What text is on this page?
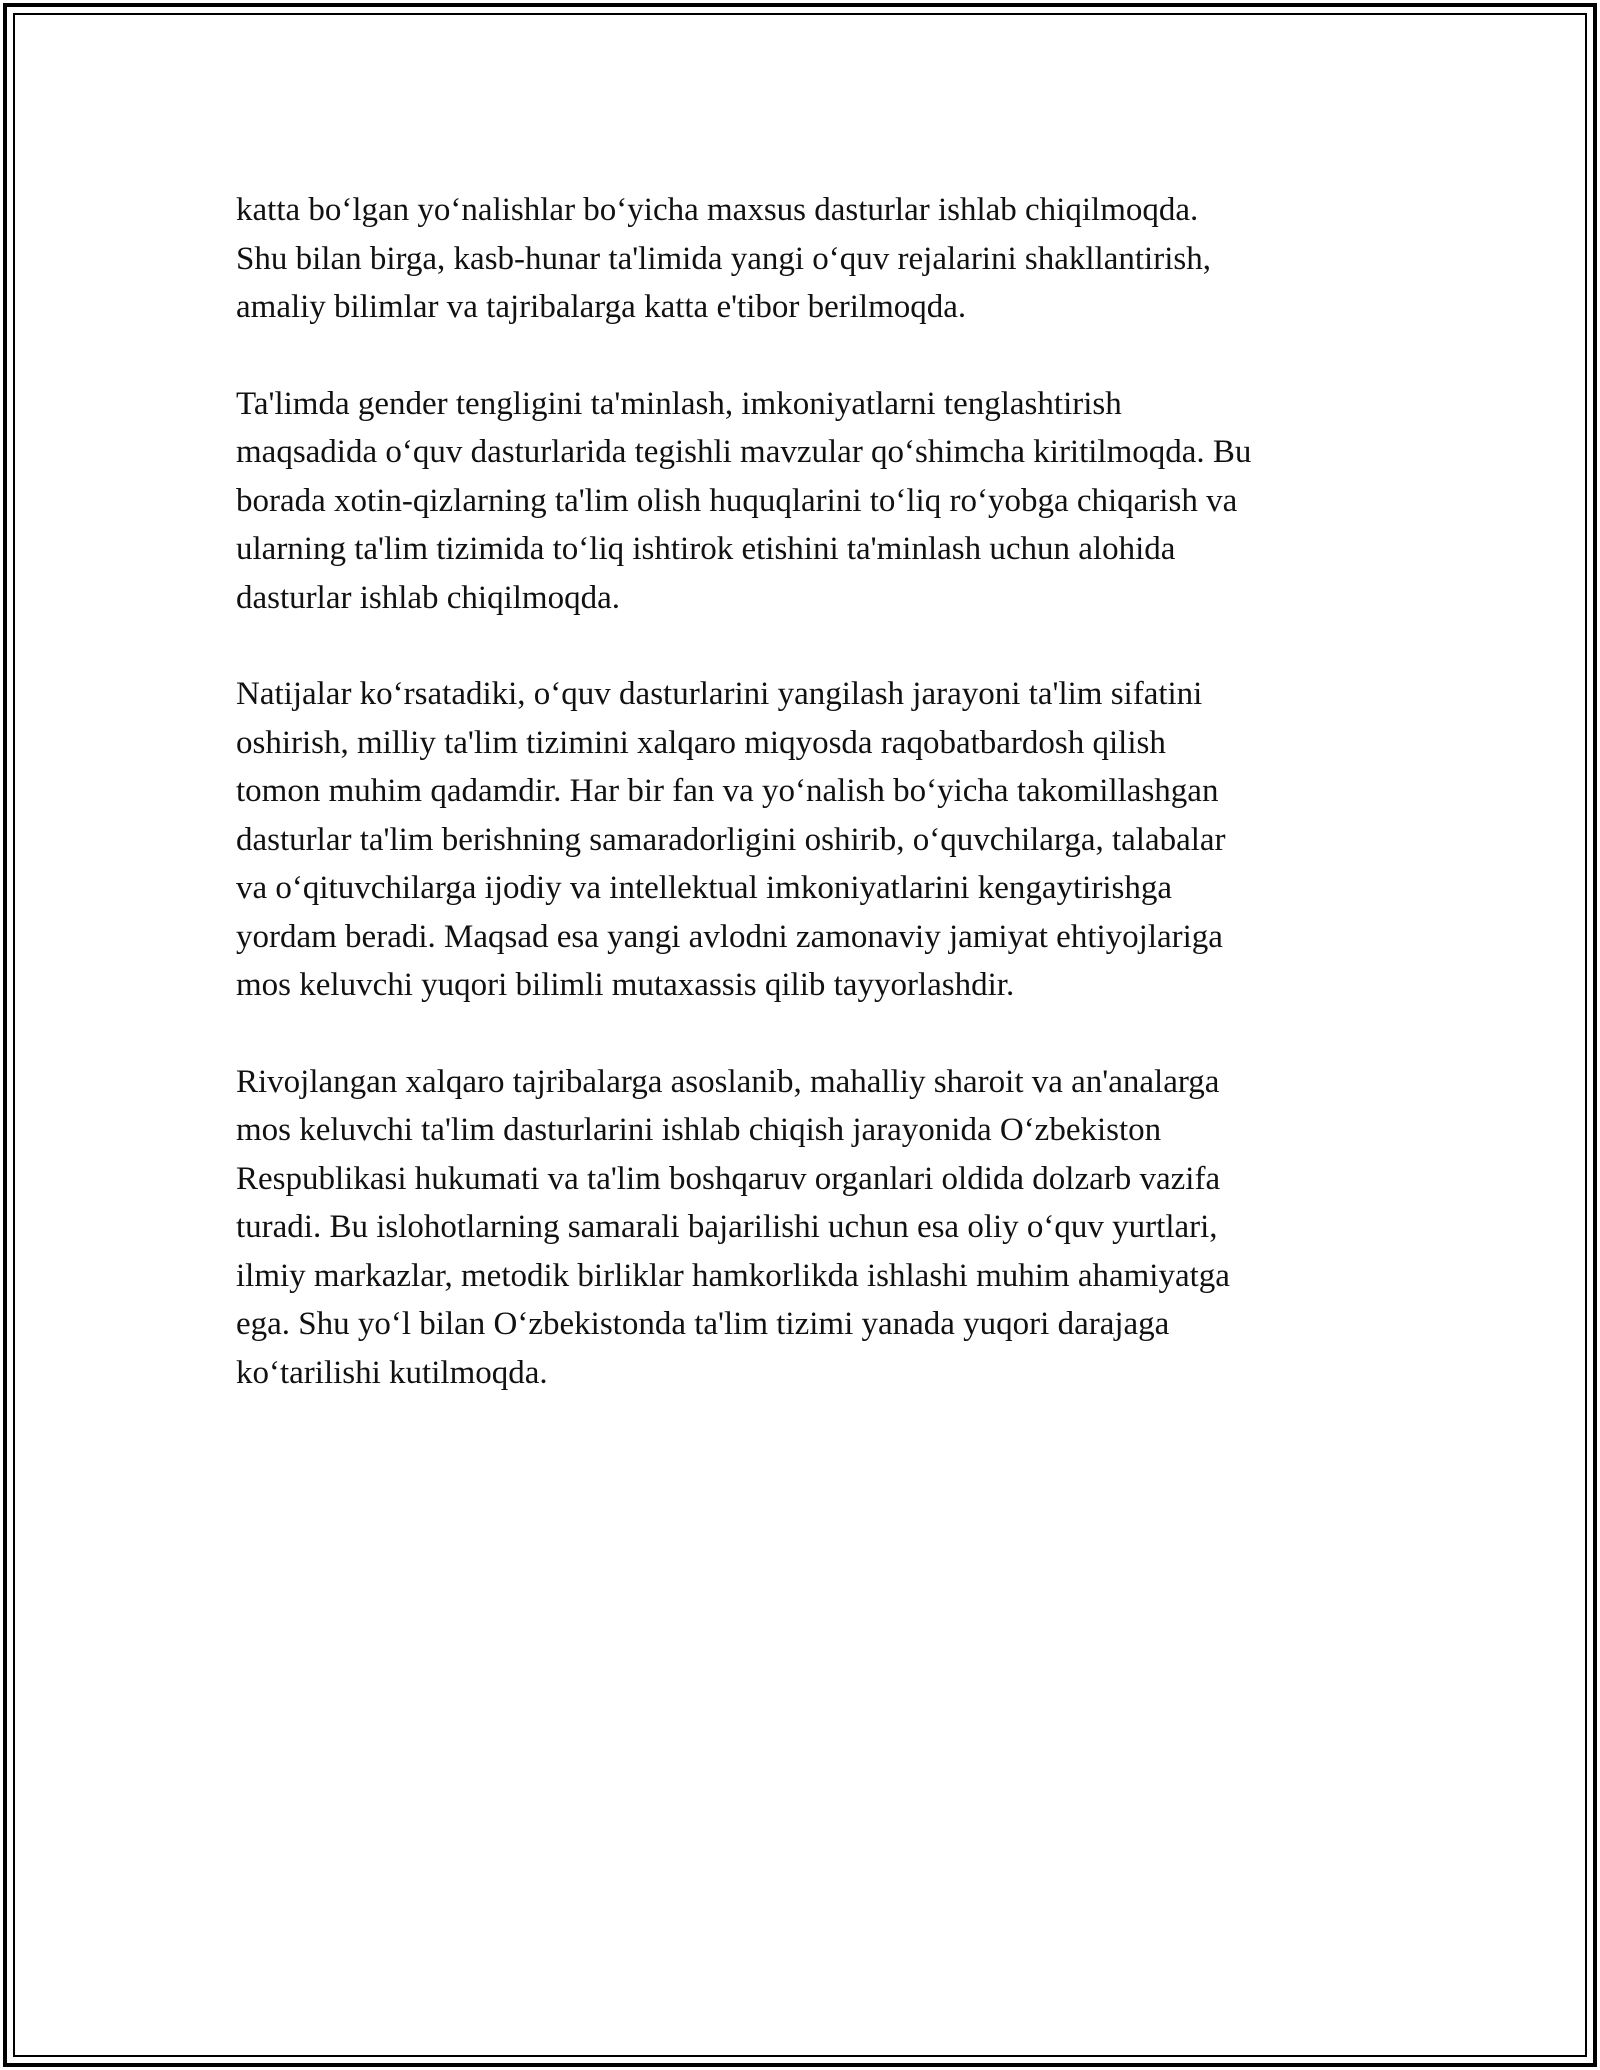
katta bo‘lgan yo‘nalishlar bo‘yicha maxsus dasturlar ishlab chiqilmoqda.
Shu bilan birga, kasb-hunar ta'limida yangi o‘quv rejalarini shakllantirish,
amaliy bilimlar va tajribalarga katta e'tibor berilmoqda.

Ta'limda gender tengligini ta'minlash, imkoniyatlarni tenglashtirish
maqsadida o‘quv dasturlarida tegishli mavzular qo‘shimcha kiritilmoqda. Bu
borada xotin-qizlarning ta'lim olish huquqlarini to‘liq ro‘yobga chiqarish va
ularning ta'lim tizimida to‘liq ishtirok etishini ta'minlash uchun alohida
dasturlar ishlab chiqilmoqda.

Natijalar ko‘rsatadiki, o‘quv dasturlarini yangilash jarayoni ta'lim sifatini
oshirish, milliy ta'lim tizimini xalqaro miqyosda raqobatbardosh qilish
tomon muhim qadamdir. Har bir fan va yo‘nalish bo‘yicha takomillashgan
dasturlar ta'lim berishning samaradorligini oshirib, o‘quvchilarga, talabalar
va o‘qituvchilarga ijodiy va intellektual imkoniyatlarini kengaytirishga
yordam beradi. Maqsad esa yangi avlodni zamonaviy jamiyat ehtiyojlariga
mos keluvchi yuqori bilimli mutaxassis qilib tayyorlashdir.

Rivojlangan xalqaro tajribalarga asoslanib, mahalliy sharoit va an'analarga
mos keluvchi ta'lim dasturlarini ishlab chiqish jarayonida O‘zbekiston
Respublikasi hukumati va ta'lim boshqaruv organlari oldida dolzarb vazifa
turadi. Bu islohotlarning samarali bajarilishi uchun esa oliy o‘quv yurtlari,
ilmiy markazlar, metodik birliklar hamkorlikda ishlashi muhim ahamiyatga
ega. Shu yo‘l bilan O‘zbekistonda ta'lim tizimi yanada yuqori darajaga
ko‘tarilishi kutilmoqda.
